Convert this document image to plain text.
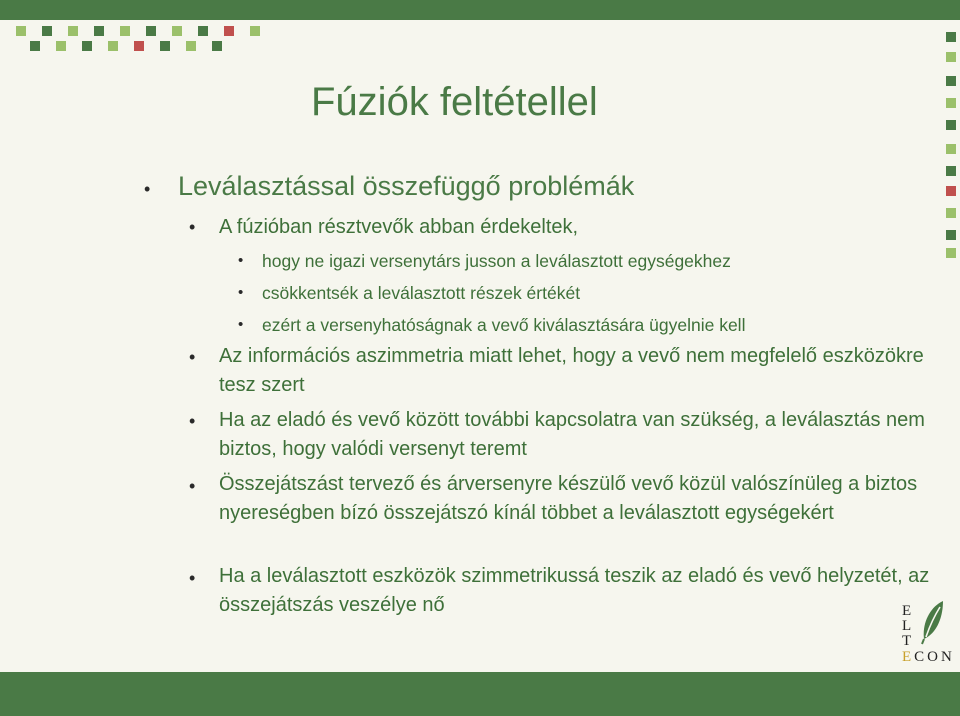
Fúziók feltétellel
• Leválasztással összefüggő problémák
• A fúzióban résztvevők abban érdekeltek,
• hogy ne igazi versenytárs jusson a leválasztott egységekhez
• csökkentsék a leválasztott részek értékét
• ezért a versenyhatóságnak a vevő kiválasztására ügyelnie kell
• Az információs aszimmetria miatt lehet, hogy a vevő nem megfelelő eszközökre tesz szert
• Ha az eladó és vevő között további kapcsolatra van szükség, a leválasztás nem biztos, hogy valódi versenyt teremt
• Összejátszást tervező és árversenyre készülő vevő közül valószínüleg a biztos nyereségben bízó összejátszó kínál többet a leválasztott egységekért
• Ha a leválasztott eszközök szimmetrikussá teszik az eladó és vevő helyzetét, az összejátszás veszélye nő	E
L
T
ECON
